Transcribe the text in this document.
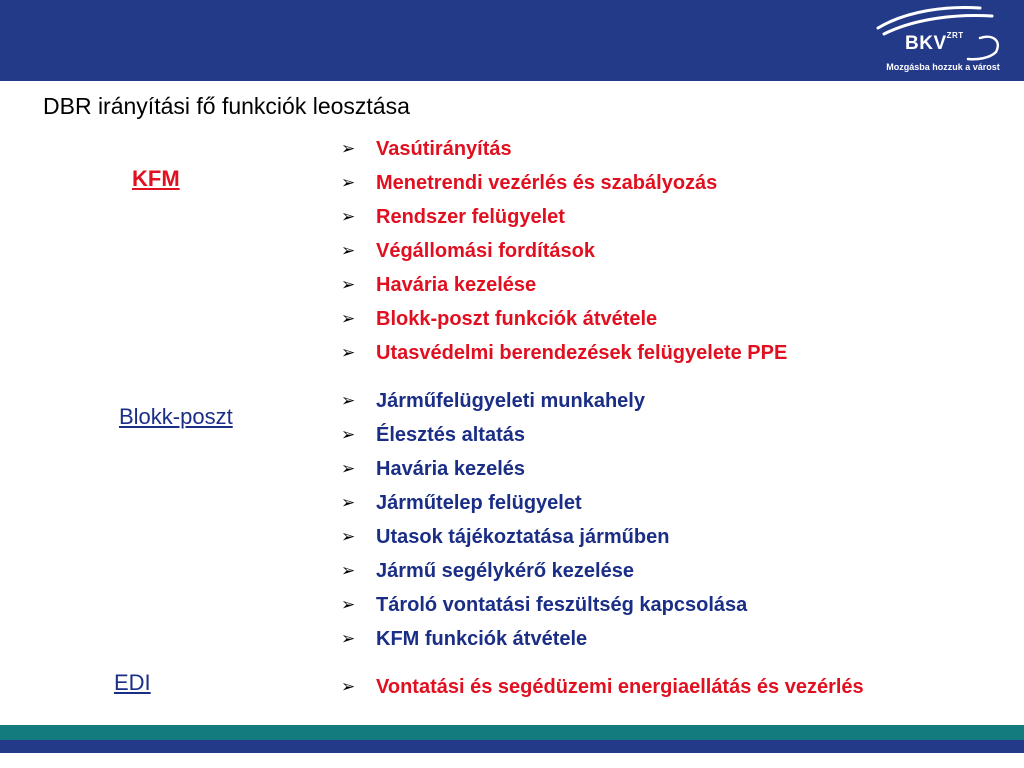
$BKV^{ZRT}$
Mozgásba hozzuk a várost
DBR irányítási fő funkciók leosztása
KFM
Blokk-poszt
EDI
➢ Vasútirányítás
➢ Menetrendi vezérlés és szabályozás
➢ Rendszer felügyelet
➢ Végállomási fordítások
➢ Havária kezelése
➢ Blokk-poszt funkciók átvétele
➢ Utasvédelmi berendezések felügyelete PPE
➢ Járműfelügyeleti munkahely
➢ Élesztés altatás
➢ Havária kezelés
➢ Járműtelep felügyelet
➢ Utasok tájékoztatása járműben
➢ Jármű segélykérő kezelése
➢ Tároló vontatási feszültség kapcsolása
➢ KFM funkciók átvétele
➢ Vontatási és segédüzemi energiaellátás és vezérlés
